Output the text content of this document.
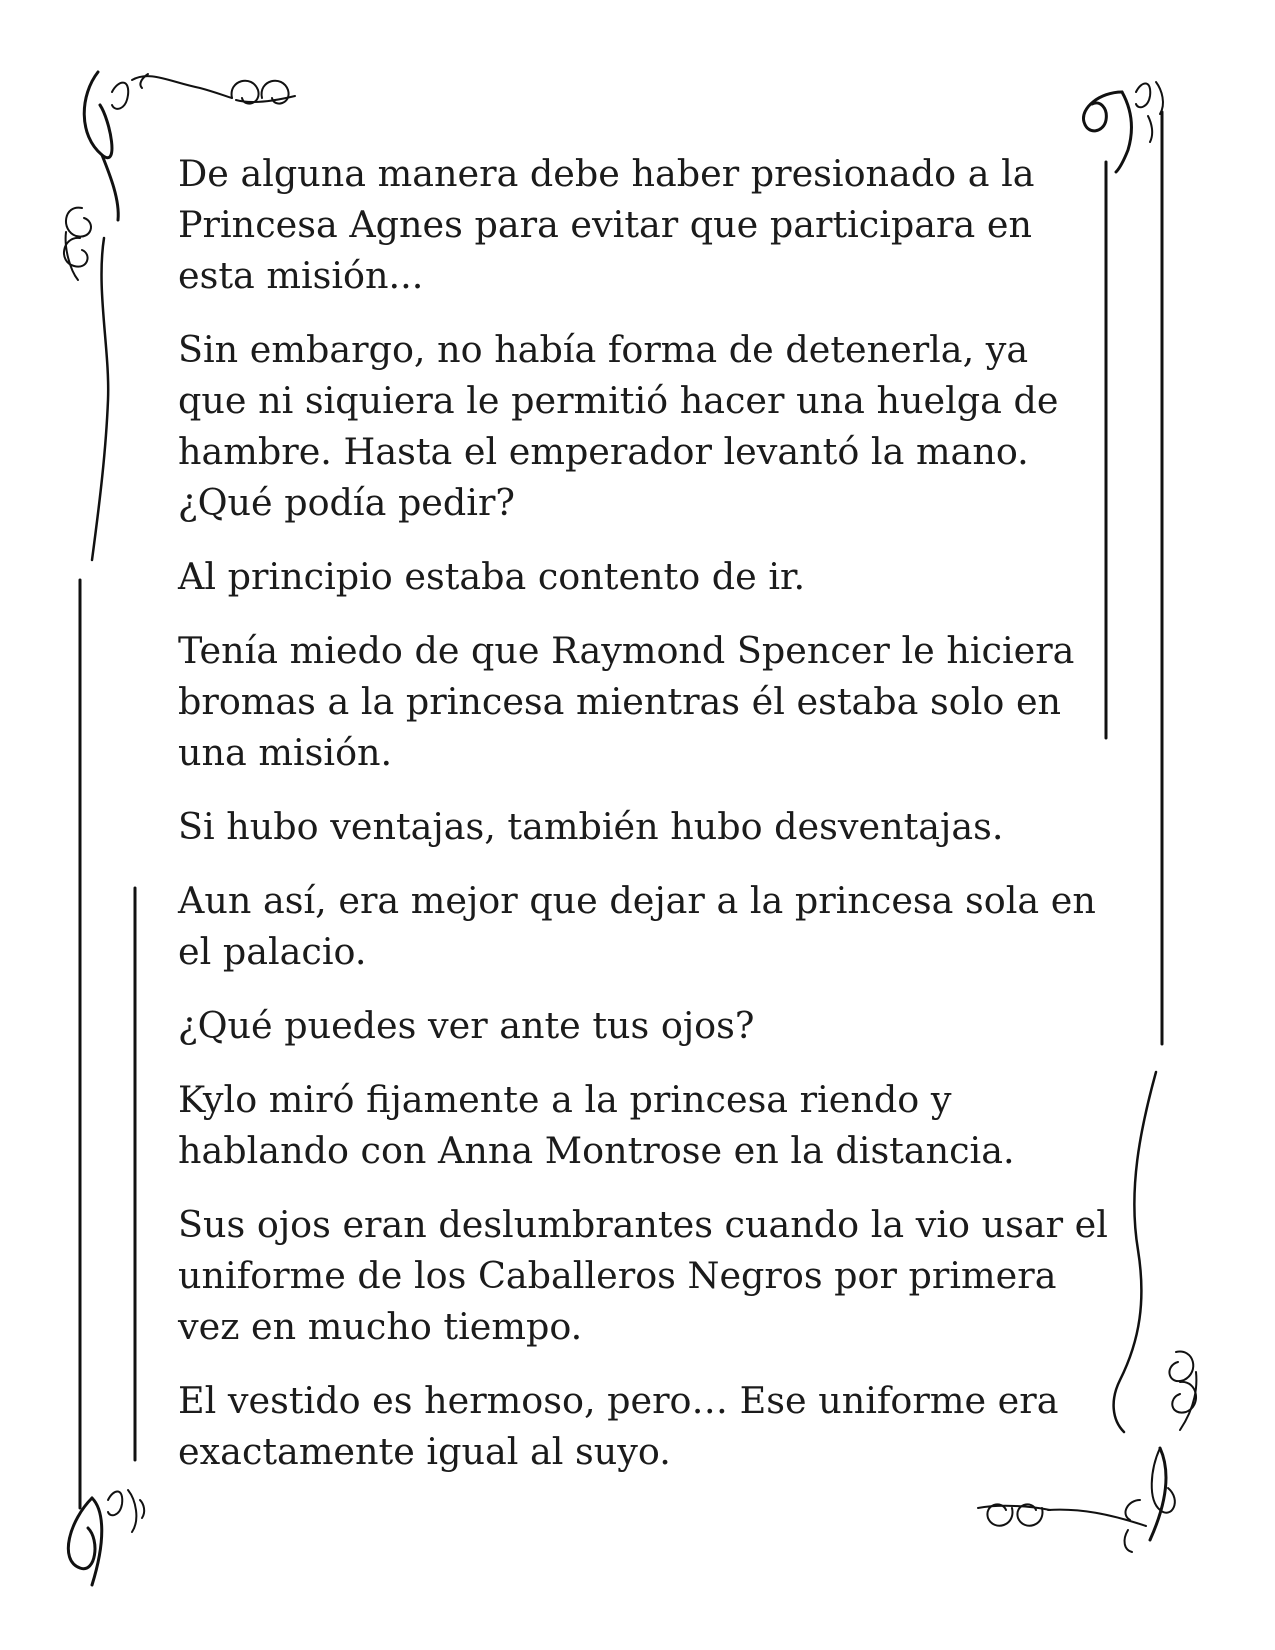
De alguna manera debe haber presionado a la Princesa Agnes para evitar que participara en esta misión...

Sin embargo, no había forma de detenerla, ya que ni siquiera le permitió hacer una huelga de hambre. Hasta el emperador levantó la mano. ¿Qué podía pedir?

Al principio estaba contento de ir.

Tenía miedo de que Raymond Spencer le hiciera bromas a la princesa mientras él estaba solo en una misión.

Si hubo ventajas, también hubo desventajas.

Aun así, era mejor que dejar a la princesa sola en el palacio.

¿Qué puedes ver ante tus ojos?

Kylo miró fijamente a la princesa riendo y hablando con Anna Montrose en la distancia.

Sus ojos eran deslumbrantes cuando la vio usar el uniforme de los Caballeros Negros por primera vez en mucho tiempo.

El vestido es hermoso, pero… Ese uniforme era exactamente igual al suyo.
